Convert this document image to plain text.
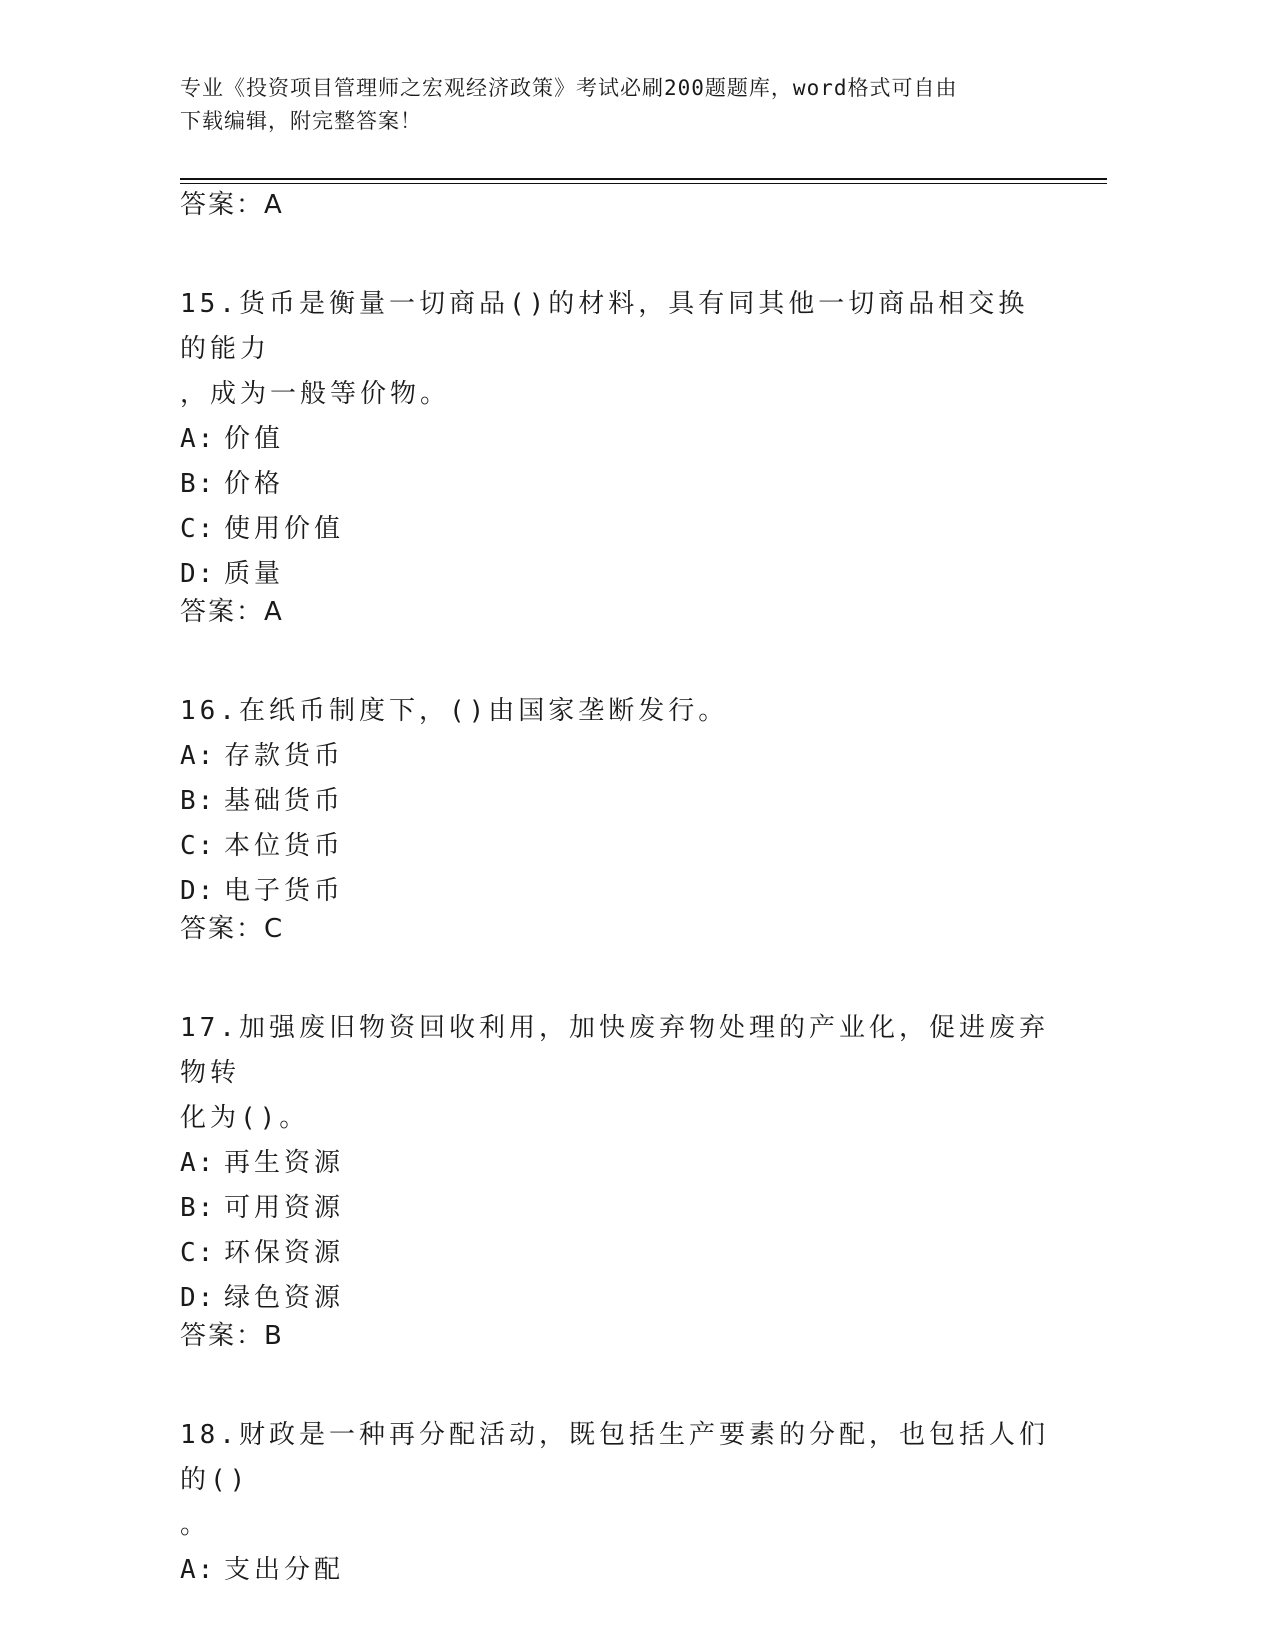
专业《投资项目管理师之宏观经济政策》考试必刷200题题库，word格式可自由
下载编辑，附完整答案！
答案：A
15.货币是衡量一切商品()的材料，具有同其他一切商品相交换的能力
，成为一般等价物。
A: 价值
B: 价格
C: 使用价值
D: 质量
答案：A
16.在纸币制度下，()由国家垄断发行。
A: 存款货币
B: 基础货币
C: 本位货币
D: 电子货币
答案：C
17.加强废旧物资回收利用，加快废弃物处理的产业化，促进废弃物转
化为()。
A: 再生资源
B: 可用资源
C: 环保资源
D: 绿色资源
答案：B
18.财政是一种再分配活动，既包括生产要素的分配，也包括人们的()
。
A: 支出分配
